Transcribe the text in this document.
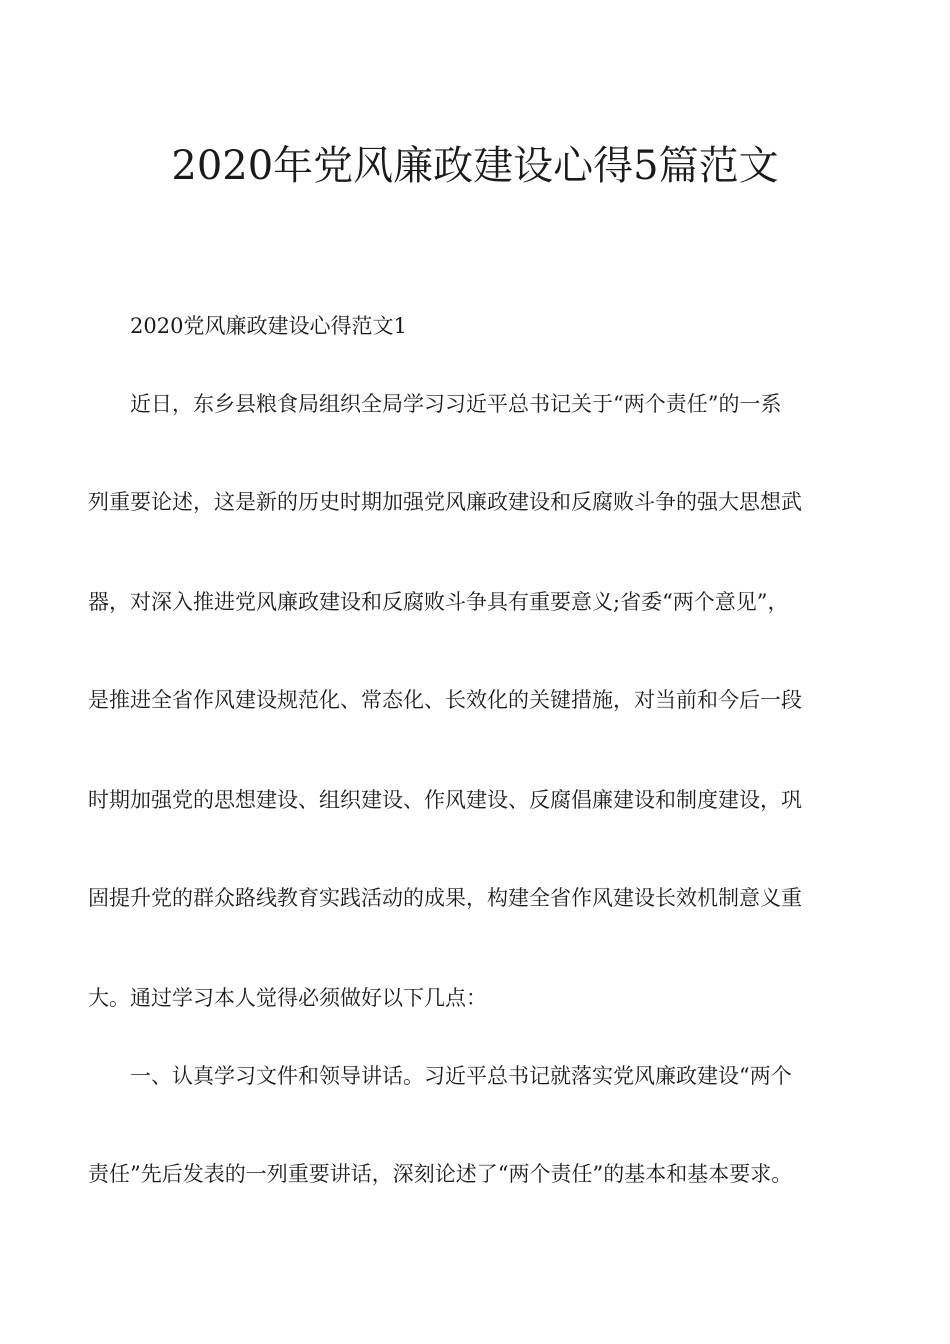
2020年党风廉政建设心得5篇范文
2020党风廉政建设心得范文1
近日，东乡县粮食局组织全局学习习近平总书记关于“两个责任”的一系
列重要论述，这是新的历史时期加强党风廉政建设和反腐败斗争的强大思想武
器，对深入推进党风廉政建设和反腐败斗争具有重要意义;省委“两个意见”，
是推进全省作风建设规范化、常态化、长效化的关键措施，对当前和今后一段
时期加强党的思想建设、组织建设、作风建设、反腐倡廉建设和制度建设，巩
固提升党的群众路线教育实践活动的成果，构建全省作风建设长效机制意义重
大。通过学习本人觉得必须做好以下几点：
一、认真学习文件和领导讲话。习近平总书记就落实党风廉政建设“两个
责任”先后发表的一列重要讲话，深刻论述了“两个责任”的基本和基本要求。
